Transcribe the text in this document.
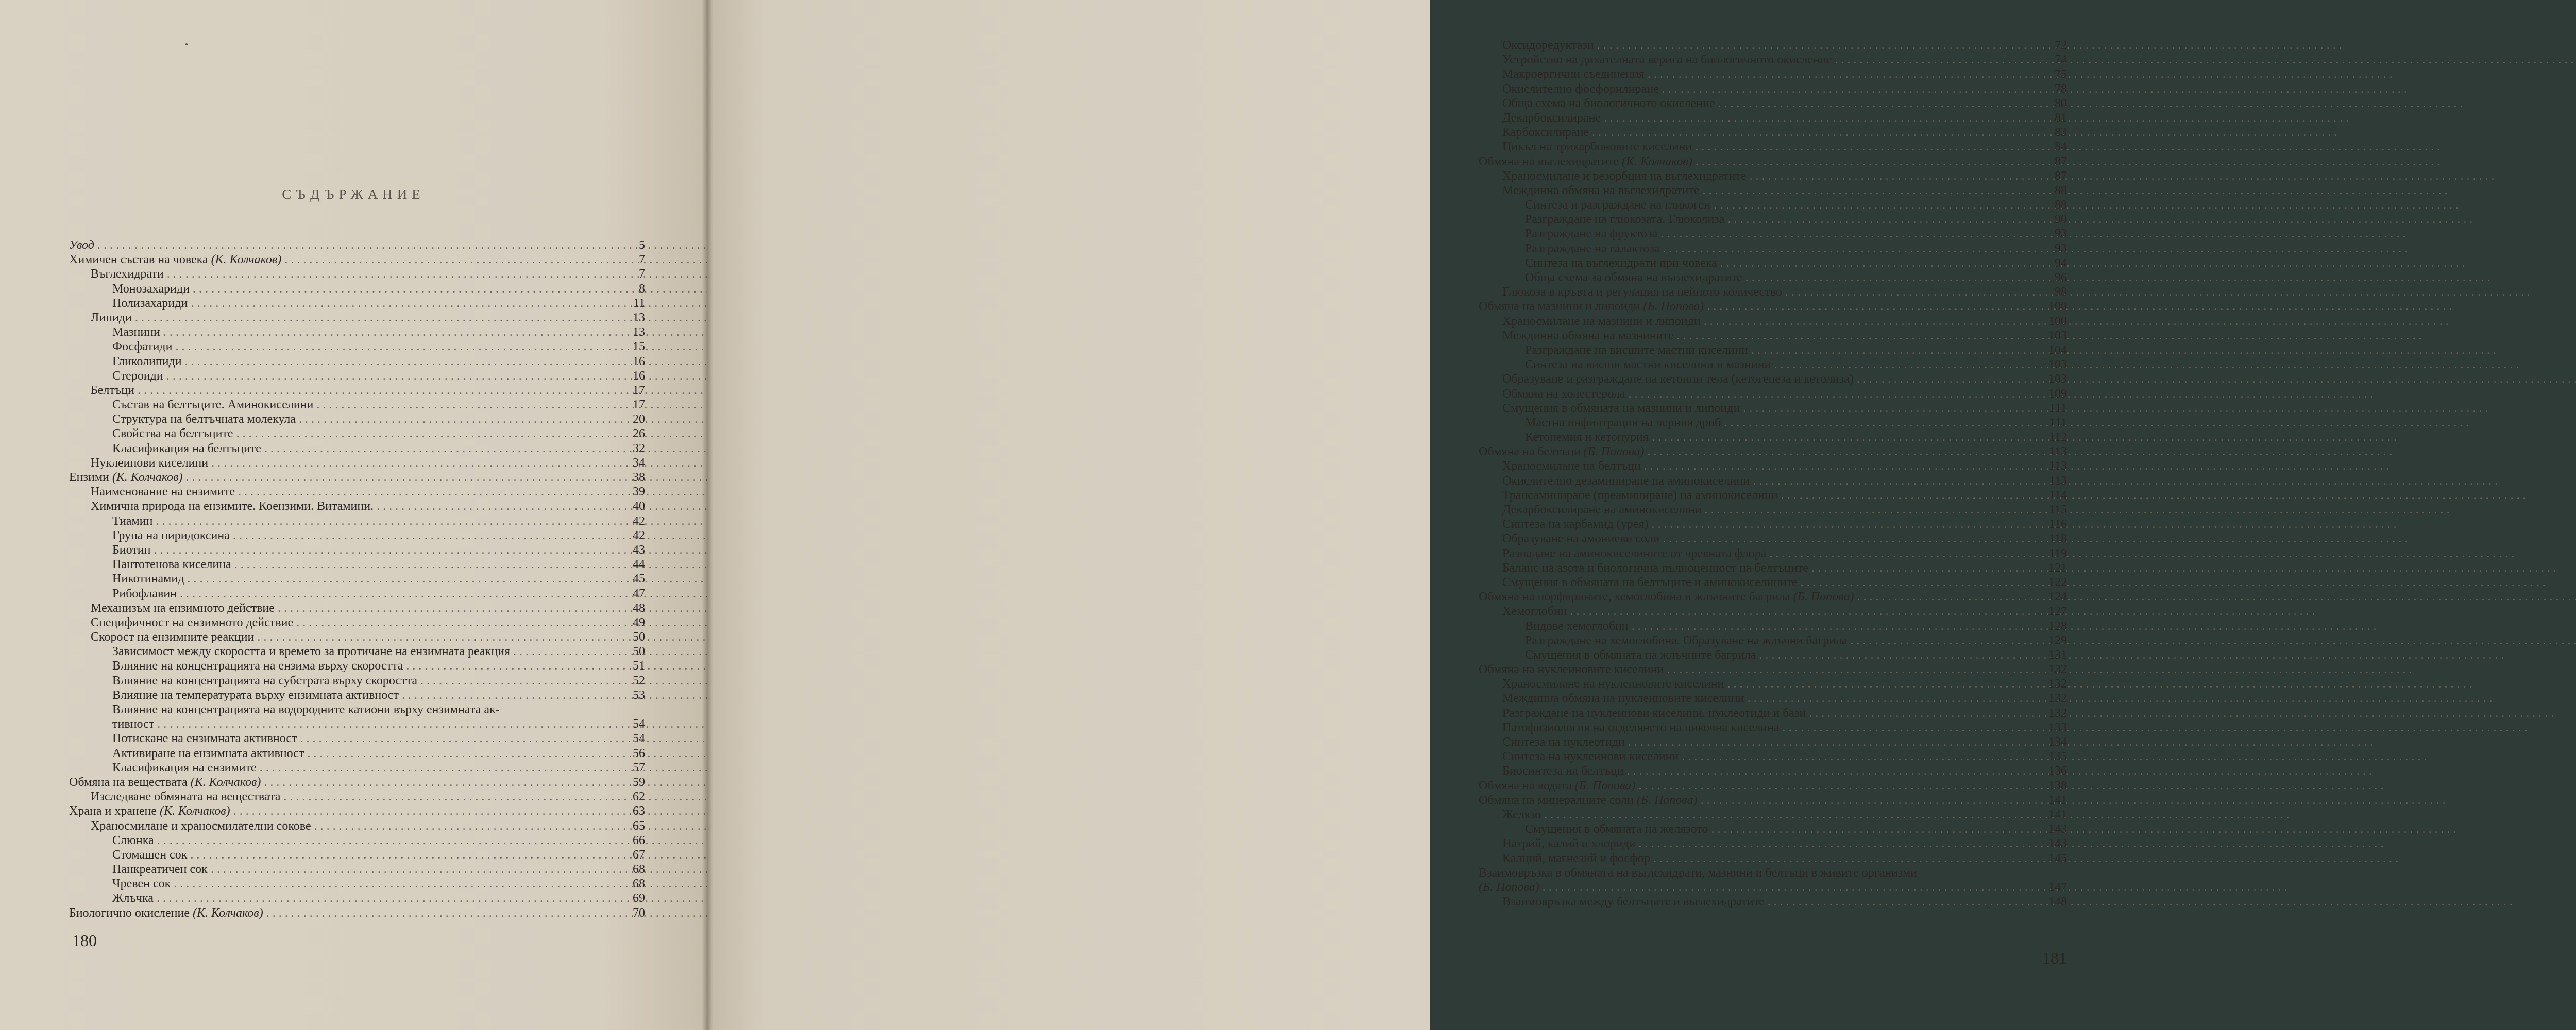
СЪДЪРЖАНИЕ
Увод . . .	5
Химичен състав на човека (К. Колчаков) . . .	7
Въглехидрати . . .	7
Монозахариди . . .	8
Полизахариди . . .	11
Липиди . . .	13
Мазнини . . .	13
Фосфатиди . . .	15
Гликолипиди . . .	16
Стероиди . . .	16
Белтъци . . .	17
Състав на белтъците. Аминокиселини . . .	17
Структура на белтъчната молекула . . .	20
Свойства на белтъците . . .	26
Класификация на белтъците . . .	32
Нуклеинови киселини . . .	34
Ензими (К. Колчаков) . . .	38
Наименование на ензимите . . .	39
Химична природа на ензимите. Коензими. Витамини. . . .	40
Тиамин . . .	42
Група на пиридоксина . . .	42
Биотин . . .	43
Пантотенова киселина . . .	44
Никотинамид . . .	45
Рибофлавин . . .	47
Механизъм на ензимното действие . . .	48
Специфичност на ензимното действие . . .	49
Скорост на ензимните реакции . . .	50
Зависимост между скоростта и времето за протичане на ензимната реакция . . .	50
Влияние на концентрацията на ензима върху скоростта . . .	51
Влияние на концентрацията на субстрата върху скоростта . . .	52
Влияние на температурата върху ензимната активност . . .	53
Влияние на концентрацията на водородните катиони върху ензимната ак-
тивност . . .	54
Потискане на ензимната активност . . .	54
Активиране на ензимната активност . . .	56
Класификация на ензимите . . .	57
Обмяна на веществата (К. Колчаков) . . .	59
Изследване обмяната на веществата . . .	62
Храна и хранене (К. Колчаков) . . .	63
Храносмилане и храносмилателни сокове . . .	65
Слюнка . . .	66
Стомашен сок . . .	67
Панкреатичен сок . . .	68
Чревен сок . . .	68
Жлъчка . . .	69
Биологично окисление (К. Колчаков) . . .	70
180
Оксидоредуктази . . .	72
Устройство на дихателната верига на биологичното окисление . . .	74
Макроергични съединения . . .	75
Окислително фосфорилиране . . .	78
Обща схема на биологичното окисление . . .	80
Декарбоксилиране . . .	81
Карбоксилиране . . .	83
Цикъл на трикарбоновите киселини . . .	84
Обмяна на въглехидратите (К. Колчаков) . . .	87
Храносмилане и резорбция на въглехидратите . . .	87
Междинна обмяна на въглехидратите . . .	88
Синтеза и разграждане на гликоген . . .	88
Разграждане на глюкозата. Глюколиза . . .	90
Разграждане на фруктоза . . .	93
Разграждане на галактоза . . .	93
Синтеза на въглехидрати при човека . . .	94
Обща схема за обмяна на въглехидратите . . .	96
Глюкоза в кръвта и регулация на нейното количество . . .	98
Обмяна на мазнини и липоиди (Б. Попова) . . .	100
Храносмилане на мазнини и липоиди . . .	100
Междинна обмяна на мазнините . . .	103
Разграждане на висшите мастни киселини . . .	104
Синтеза на висши мастни киселини и мазнини . . .	103
Образуване и разграждане на кетонни тела (кетогенеза и кетолиза) . . .	103
Обмяна на холестерола . . .	109
Смущения в обмяната на мазнини и липоиди . . .	111
Мастна инфилтрация на черния дроб . . .	111
Кетонемия и кетонурия . . .	112
Обмяна на белтъци (Б. Попова) . . .	113
Храносмилане на белтъци . . .	113
Окислително дезаминиране на аминокиселини . . .	113
Трансаминиране (преаминиране) на аминокиселини . . .	114
Декарбоксилиране на аминокиселини . . .	115
Синтеза на карбамид (урея) . . .	116
Образуване на амониеви соли . . .	118
Разпадане на аминокиселините от чревната флора . . .	119
Баланс на азота и биологична пълноценност на белтъците . . .	121
Смущения в обмяната на белтъците и аминокиселините . . .	122
Обмяна на порфирините, хемоглобина и жлъчните багрила (Б. Попова) . . .	124
Хемоглобин . . .	127
Видове хемоглобин . . .	128
Разграждане на хемоглобина. Образуване на жлъчни багрила . . .	129
Смущения в обмяната на жлъчните багрила . . .	131
Обмяна на нуклеиновите киселини . . .	132
Храносмилане на нуклеиновите киселини . . .	132
Междинна обмяна на нуклеиновите киселини . . .	132
Разграждане на нуклеинови киселини, нуклеотиди и бази . . .	132
Патофизиология на отделянето на пикочна киселина . . .	133
Синтеза на нуклеотиди . . .	134
Синтеза на нуклеинови киселини . . .	135
Биосинтеза на белтъци . . .	136
Обмяна на водата (Б. Попова) . . .	138
Обмяна на минералните соли (Б. Попова) . . .	141
Желязо . . .	141
Смущения в обмяната на желязото . . .	143
Натрий, калий и хлориди . . .	143
Калций, магнезий и фосфор . . .	145
Взаимовръзка в обмяната на въглехидрати, мазнини и белтъци в живите организми
(Б. Попова) . . .	147
Взаимовръзка между белтъците и въглехидратите . . .	148
181
